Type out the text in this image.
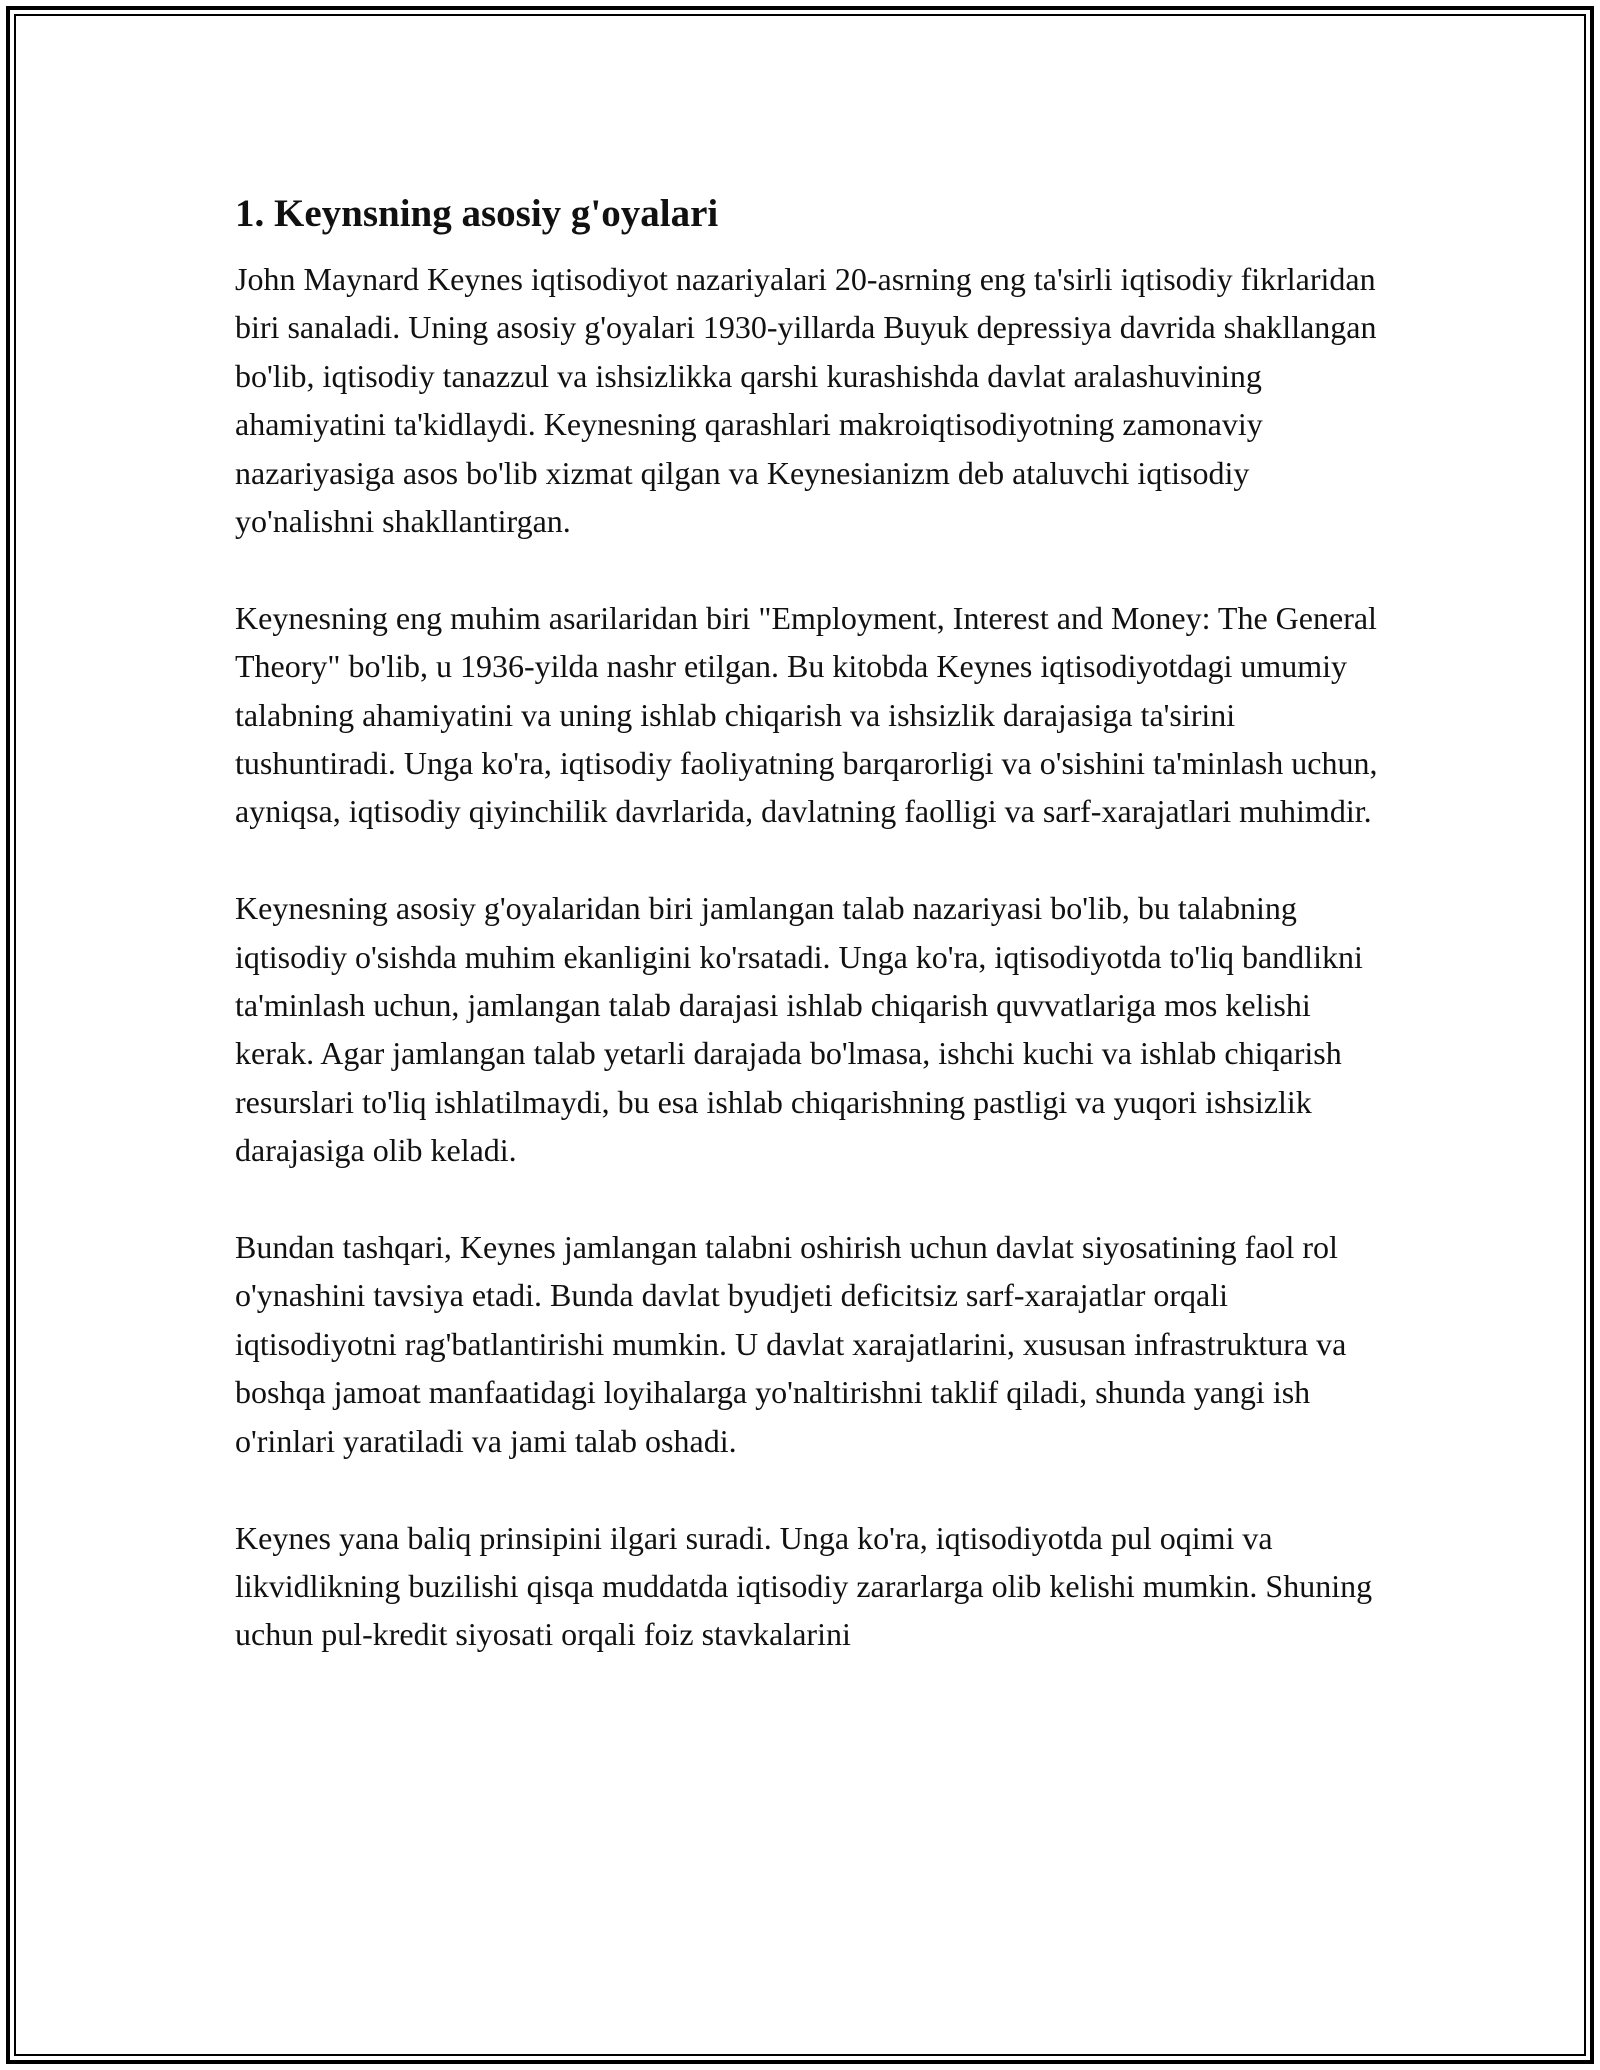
1. Keynsning asosiy g'oyalari

John Maynard Keynes iqtisodiyot nazariyalari 20-asrning eng ta'sirli iqtisodiy fikrlaridan biri sanaladi. Uning asosiy g'oyalari 1930-yillarda Buyuk depressiya davrida shakllangan bo'lib, iqtisodiy tanazzul va ishsizlikka qarshi kurashishda davlat aralashuvining ahamiyatini ta'kidlaydi. Keynesning qarashlari makroiqtisodiyotning zamonaviy nazariyasiga asos bo'lib xizmat qilgan va Keynesianizm deb ataluvchi iqtisodiy yo'nalishni shakllantirgan.

Keynesning eng muhim asarilaridan biri "Employment, Interest and Money: The General Theory" bo'lib, u 1936-yilda nashr etilgan. Bu kitobda Keynes iqtisodiyotdagi umumiy talabning ahamiyatini va uning ishlab chiqarish va ishsizlik darajasiga ta'sirini tushuntiradi. Unga ko'ra, iqtisodiy faoliyatning barqarorligi va o'sishini ta'minlash uchun, ayniqsa, iqtisodiy qiyinchilik davrlarida, davlatning faolligi va sarf-xarajatlari muhimdir.

Keynesning asosiy g'oyalaridan biri jamlangan talab nazariyasi bo'lib, bu talabning iqtisodiy o'sishda muhim ekanligini ko'rsatadi. Unga ko'ra, iqtisodiyotda to'liq bandlikni ta'minlash uchun, jamlangan talab darajasi ishlab chiqarish quvvatlariga mos kelishi kerak. Agar jamlangan talab yetarli darajada bo'lmasa, ishchi kuchi va ishlab chiqarish resurslari to'liq ishlatilmaydi, bu esa ishlab chiqarishning pastligi va yuqori ishsizlik darajasiga olib keladi.

Bundan tashqari, Keynes jamlangan talabni oshirish uchun davlat siyosatining faol rol o'ynashini tavsiya etadi. Bunda davlat byudjeti deficitsiz sarf-xarajatlar orqali iqtisodiyotni rag'batlantirishi mumkin. U davlat xarajatlarini, xususan infrastruktura va boshqa jamoat manfaatidagi loyihalarga yo'naltirishni taklif qiladi, shunda yangi ish o'rinlari yaratiladi va jami talab oshadi.

Keynes yana baliq prinsipini ilgari suradi. Unga ko'ra, iqtisodiyotda pul oqimi va likvidlikning buzilishi qisqa muddatda iqtisodiy zararlarga olib kelishi mumkin. Shuning uchun pul-kredit siyosati orqali foiz stavkalarini
